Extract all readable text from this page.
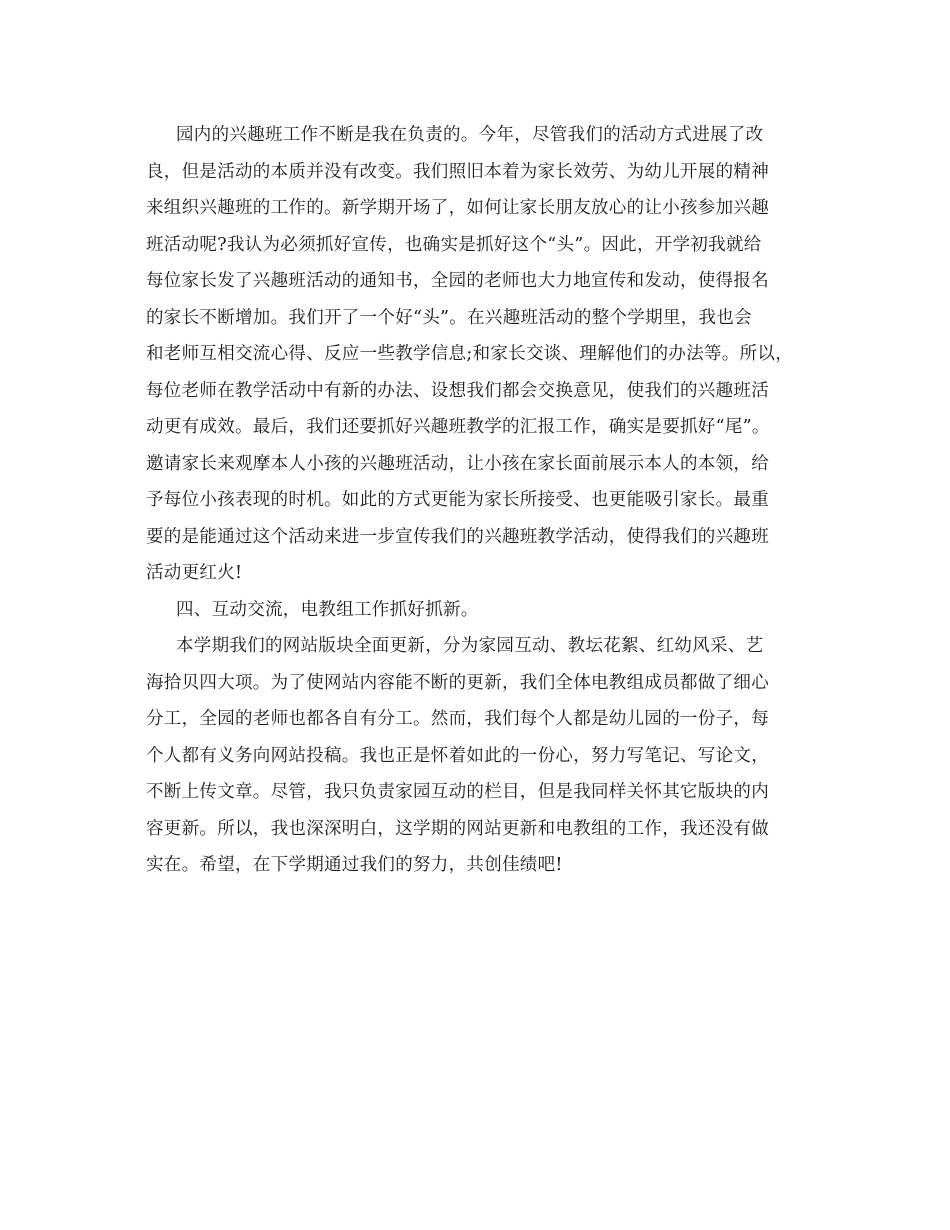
园内的兴趣班工作不断是我在负责的。今年，尽管我们的活动方式进展了改
良，但是活动的本质并没有改变。我们照旧本着为家长效劳、为幼儿开展的精神
来组织兴趣班的工作的。新学期开场了，如何让家长朋友放心的让小孩参加兴趣
班活动呢?我认为必须抓好宣传，也确实是抓好这个“头”。因此，开学初我就给
每位家长发了兴趣班活动的通知书，全园的老师也大力地宣传和发动，使得报名
的家长不断增加。我们开了一个好“头”。在兴趣班活动的整个学期里，我也会
和老师互相交流心得、反应一些教学信息;和家长交谈、理解他们的办法等。所以，
每位老师在教学活动中有新的办法、设想我们都会交换意见，使我们的兴趣班活
动更有成效。最后，我们还要抓好兴趣班教学的汇报工作，确实是要抓好“尾”。
邀请家长来观摩本人小孩的兴趣班活动，让小孩在家长面前展示本人的本领，给
予每位小孩表现的时机。如此的方式更能为家长所接受、也更能吸引家长。最重
要的是能通过这个活动来进一步宣传我们的兴趣班教学活动，使得我们的兴趣班
活动更红火!
四、互动交流，电教组工作抓好抓新。
本学期我们的网站版块全面更新，分为家园互动、教坛花絮、红幼风采、艺
海拾贝四大项。为了使网站内容能不断的更新，我们全体电教组成员都做了细心
分工，全园的老师也都各自有分工。然而，我们每个人都是幼儿园的一份子，每
个人都有义务向网站投稿。我也正是怀着如此的一份心，努力写笔记、写论文，
不断上传文章。尽管，我只负责家园互动的栏目，但是我同样关怀其它版块的内
容更新。所以，我也深深明白，这学期的网站更新和电教组的工作，我还没有做
实在。希望，在下学期通过我们的努力，共创佳绩吧!
